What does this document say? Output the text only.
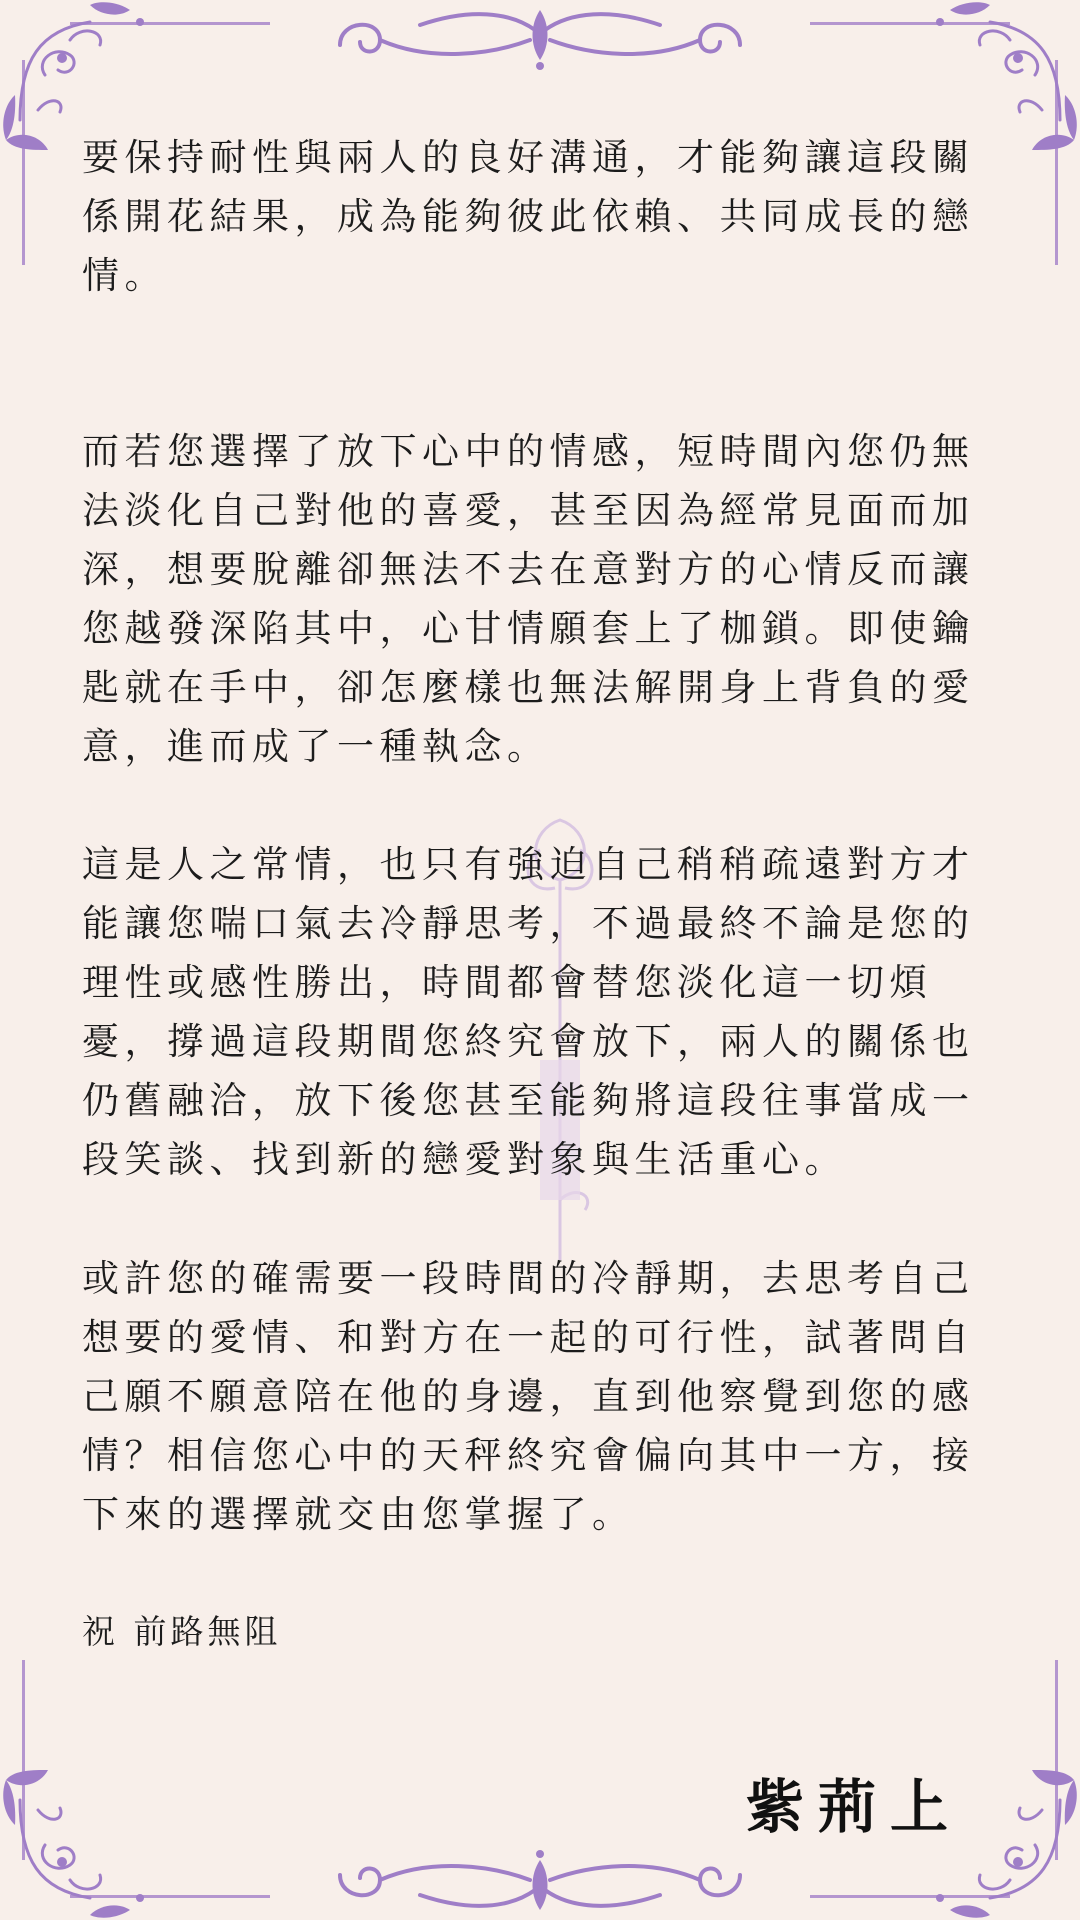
要保持耐性與兩人的良好溝通，才能夠讓這段關係開花結果，成為能夠彼此依賴、共同成長的戀情。

而若您選擇了放下心中的情感，短時間內您仍無法淡化自己對他的喜愛，甚至因為經常見面而加深，想要脫離卻無法不去在意對方的心情反而讓您越發深陷其中，心甘情願套上了枷鎖。即使鑰匙就在手中，卻怎麼樣也無法解開身上背負的愛意，進而成了一種執念。

這是人之常情，也只有強迫自己稍稍疏遠對方才能讓您喘口氣去冷靜思考，不過最終不論是您的理性或感性勝出，時間都會替您淡化這一切煩憂，撐過這段期間您終究會放下，兩人的關係也仍舊融洽，放下後您甚至能夠將這段往事當成一段笑談、找到新的戀愛對象與生活重心。

或許您的確需要一段時間的冷靜期，去思考自己想要的愛情、和對方在一起的可行性，試著問自己願不願意陪在他的身邊，直到他察覺到您的感情？相信您心中的天秤終究會偏向其中一方，接下來的選擇就交由您掌握了。

祝 前路無阻
紫荊上
